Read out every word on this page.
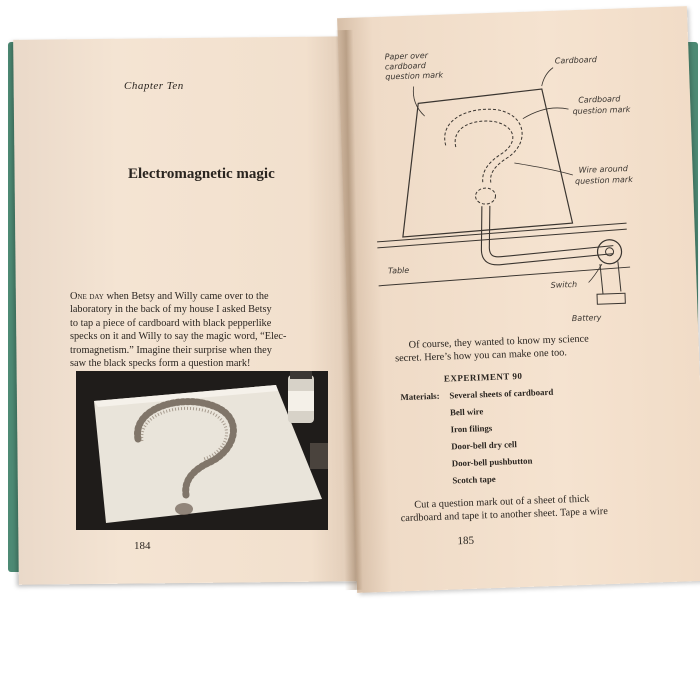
Chapter Ten
Electromagnetic magic
One day when Betsy and Willy came over to the
laboratory in the back of my house I asked Betsy
to tap a piece of cardboard with black pepperlike
specks on it and Willy to say the magic word, “Elec-
tromagnetism.” Imagine their surprise when they
saw the black specks form a question mark!
184
Paper over
cardboard
question mark
Cardboard
Cardboard
question mark
Wire around
question mark
Table
Switch
Battery
Of course, they wanted to know my science
secret. Here’s how you can make one too.
EXPERIMENT 90
Materials: Several sheets of cardboard
Bell wire
Iron filings
Door-bell dry cell
Door-bell pushbutton
Scotch tape
Cut a question mark out of a sheet of thick
cardboard and tape it to another sheet. Tape a wire
185
